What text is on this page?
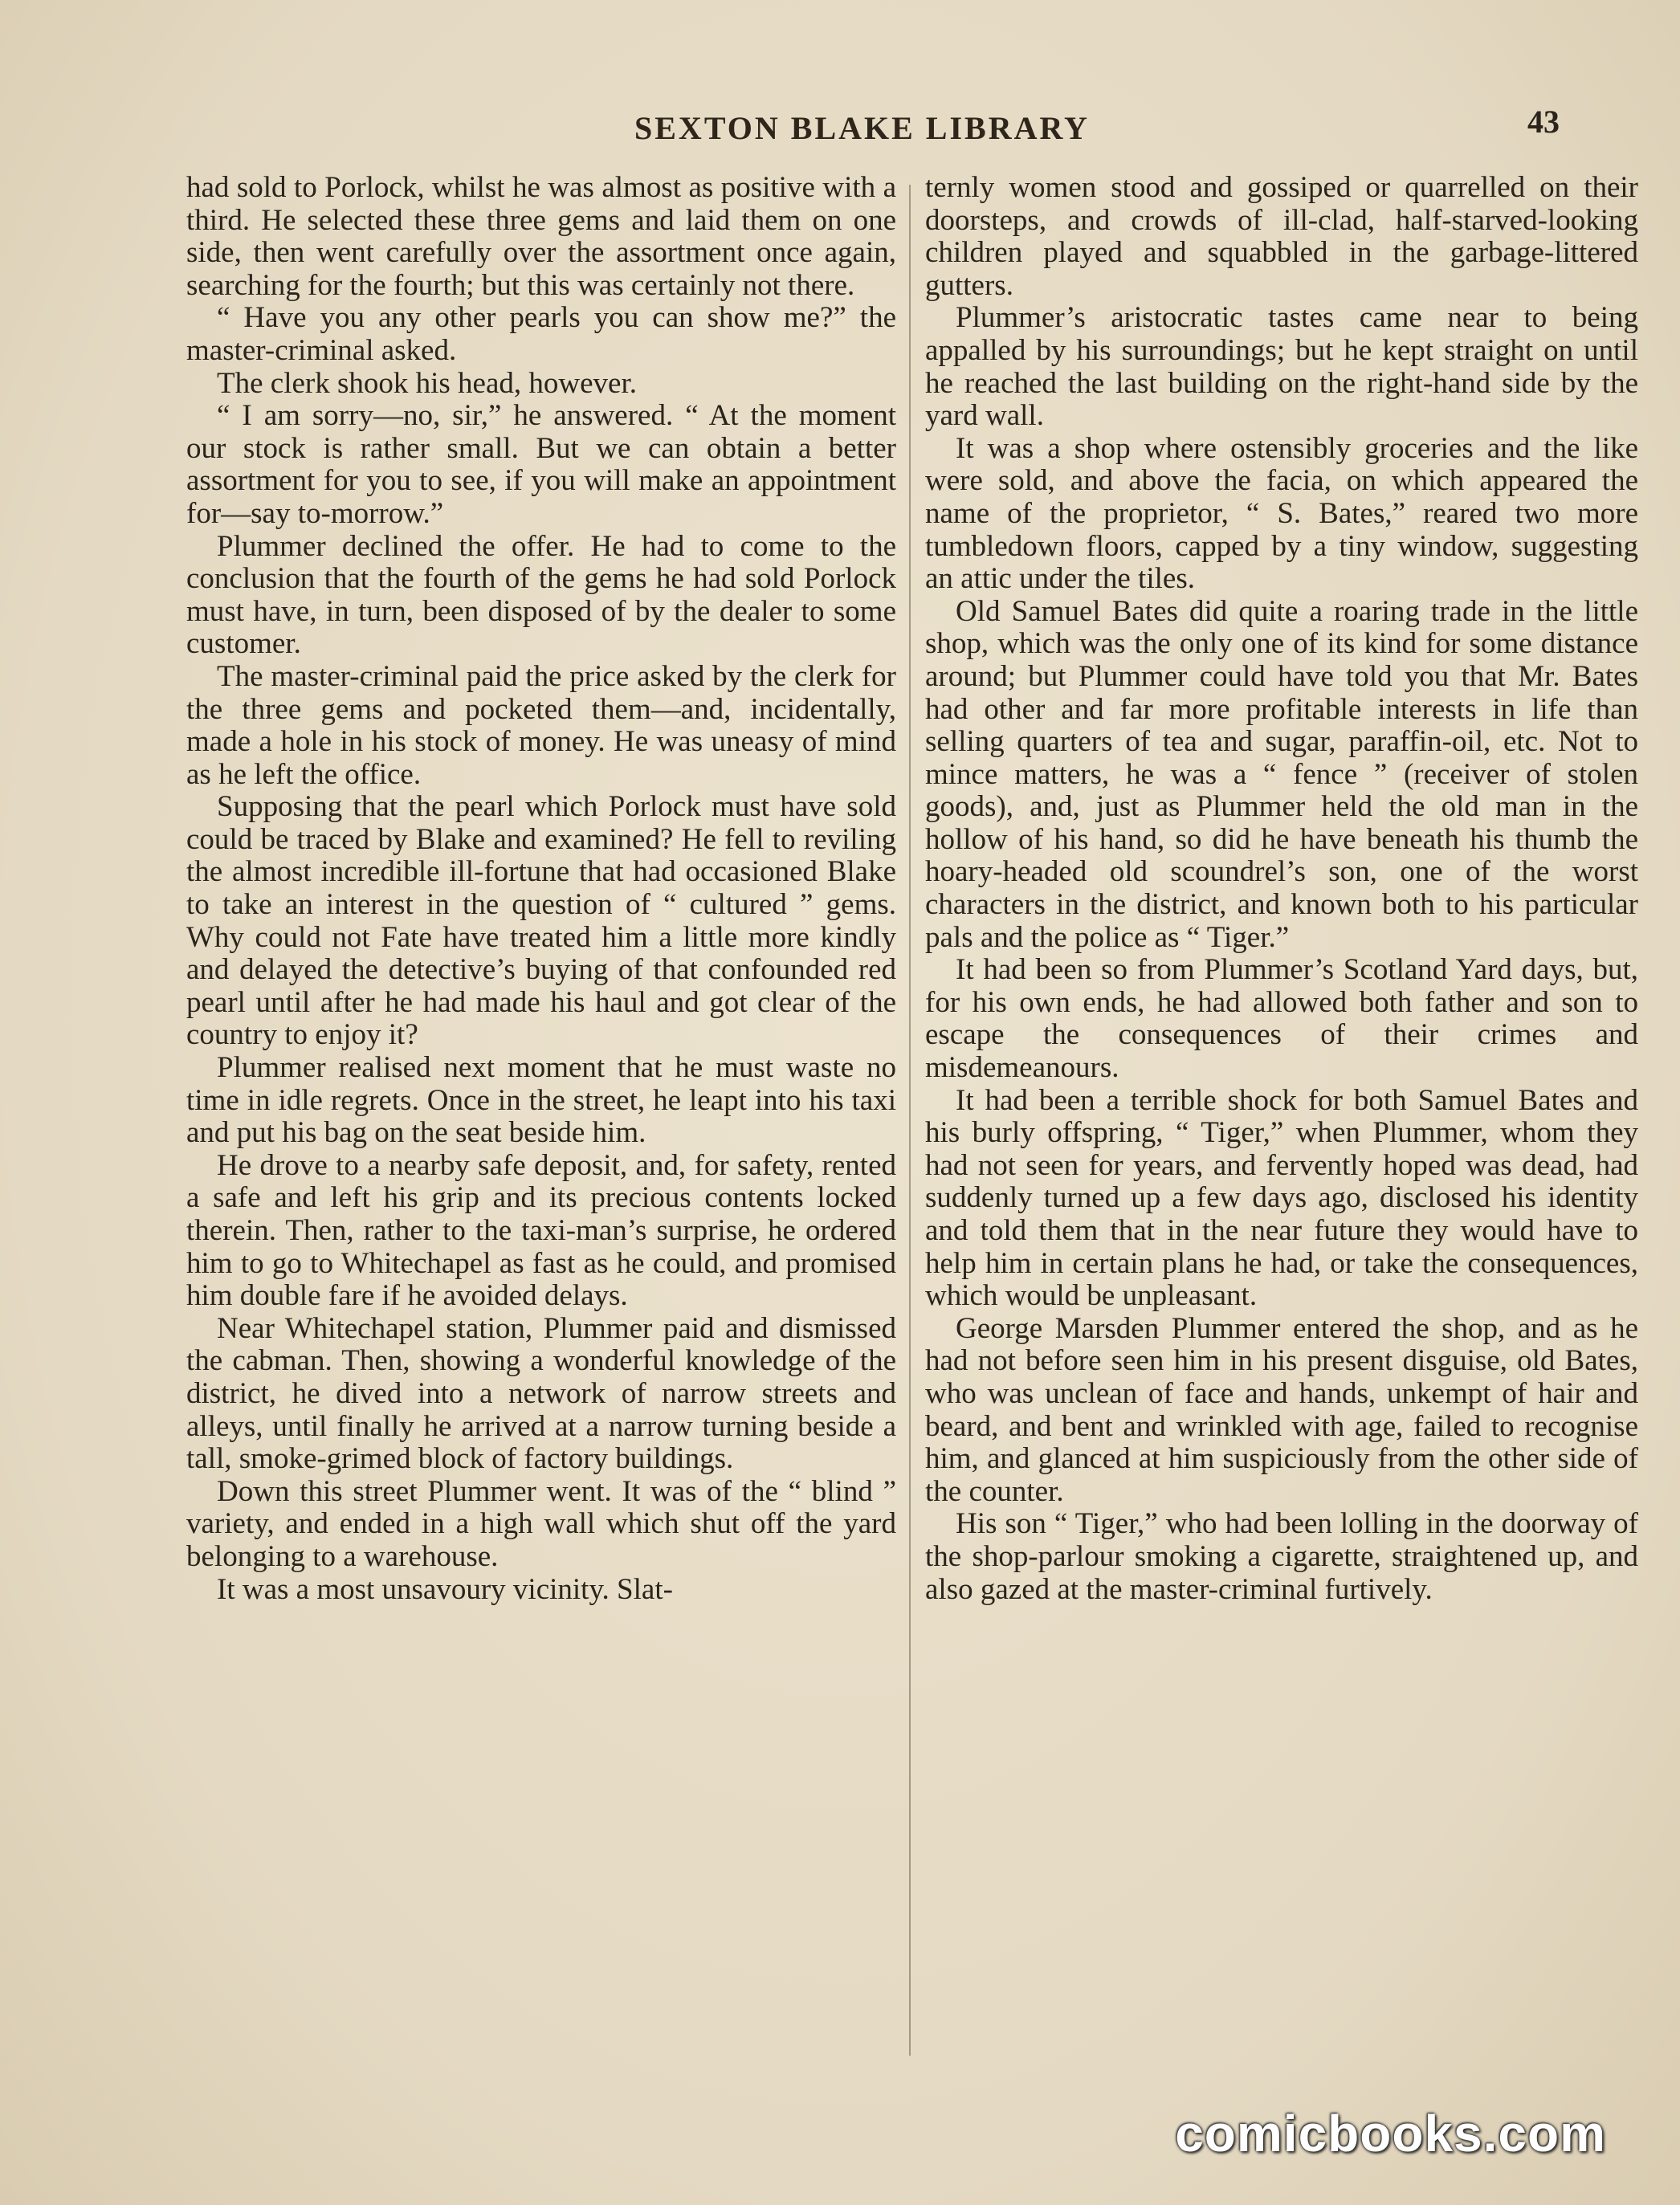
SEXTON BLAKE LIBRARY	43

had sold to Porlock, whilst he was almost as positive with a third. He selected these three gems and laid them on one side, then went carefully over the assortment once again, searching for the fourth; but this was certainly not there.

“ Have you any other pearls you can show me?” the master-criminal asked.

The clerk shook his head, however.

“ I am sorry—no, sir,” he answered. “ At the moment our stock is rather small. But we can obtain a better assortment for you to see, if you will make an appointment for—say to-morrow.”

Plummer declined the offer. He had to come to the conclusion that the fourth of the gems he had sold Porlock must have, in turn, been disposed of by the dealer to some customer.

The master-criminal paid the price asked by the clerk for the three gems and pocketed them—and, incidentally, made a hole in his stock of money. He was uneasy of mind as he left the office.

Supposing that the pearl which Porlock must have sold could be traced by Blake and examined? He fell to reviling the almost incredible ill-fortune that had occasioned Blake to take an interest in the question of “ cultured ” gems. Why could not Fate have treated him a little more kindly and delayed the detective’s buying of that confounded red pearl until after he had made his haul and got clear of the country to enjoy it?

Plummer realised next moment that he must waste no time in idle regrets. Once in the street, he leapt into his taxi and put his bag on the seat beside him.

He drove to a nearby safe deposit, and, for safety, rented a safe and left his grip and its precious contents locked therein. Then, rather to the taxi-man’s surprise, he ordered him to go to Whitechapel as fast as he could, and promised him double fare if he avoided delays.

Near Whitechapel station, Plummer paid and dismissed the cabman. Then, showing a wonderful knowledge of the district, he dived into a network of narrow streets and alleys, until finally he arrived at a narrow turning beside a tall, smoke-grimed block of factory buildings.

Down this street Plummer went. It was of the “ blind ” variety, and ended in a high wall which shut off the yard belonging to a warehouse.

It was a most unsavoury vicinity. Slat-

ternly women stood and gossiped or quarrelled on their doorsteps, and crowds of ill-clad, half-starved-looking children played and squabbled in the garbage-littered gutters.

Plummer’s aristocratic tastes came near to being appalled by his surroundings; but he kept straight on until he reached the last building on the right-hand side by the yard wall.

It was a shop where ostensibly groceries and the like were sold, and above the facia, on which appeared the name of the proprietor, “ S. Bates,” reared two more tumbledown floors, capped by a tiny window, suggesting an attic under the tiles.

Old Samuel Bates did quite a roaring trade in the little shop, which was the only one of its kind for some distance around; but Plummer could have told you that Mr. Bates had other and far more profitable interests in life than selling quarters of tea and sugar, paraffin-oil, etc. Not to mince matters, he was a “ fence ” (receiver of stolen goods), and, just as Plummer held the old man in the hollow of his hand, so did he have beneath his thumb the hoary-headed old scoundrel’s son, one of the worst characters in the district, and known both to his particular pals and the police as “ Tiger.”

It had been so from Plummer’s Scotland Yard days, but, for his own ends, he had allowed both father and son to escape the consequences of their crimes and misdemeanours.

It had been a terrible shock for both Samuel Bates and his burly offspring, “ Tiger,” when Plummer, whom they had not seen for years, and fervently hoped was dead, had suddenly turned up a few days ago, disclosed his identity and told them that in the near future they would have to help him in certain plans he had, or take the consequences, which would be unpleasant.

George Marsden Plummer entered the shop, and as he had not before seen him in his present disguise, old Bates, who was unclean of face and hands, unkempt of hair and beard, and bent and wrinkled with age, failed to recognise him, and glanced at him suspiciously from the other side of the counter.

His son “ Tiger,” who had been lolling in the doorway of the shop-parlour smoking a cigarette, straightened up, and also gazed at the master-criminal furtively.

comicbooks.com
